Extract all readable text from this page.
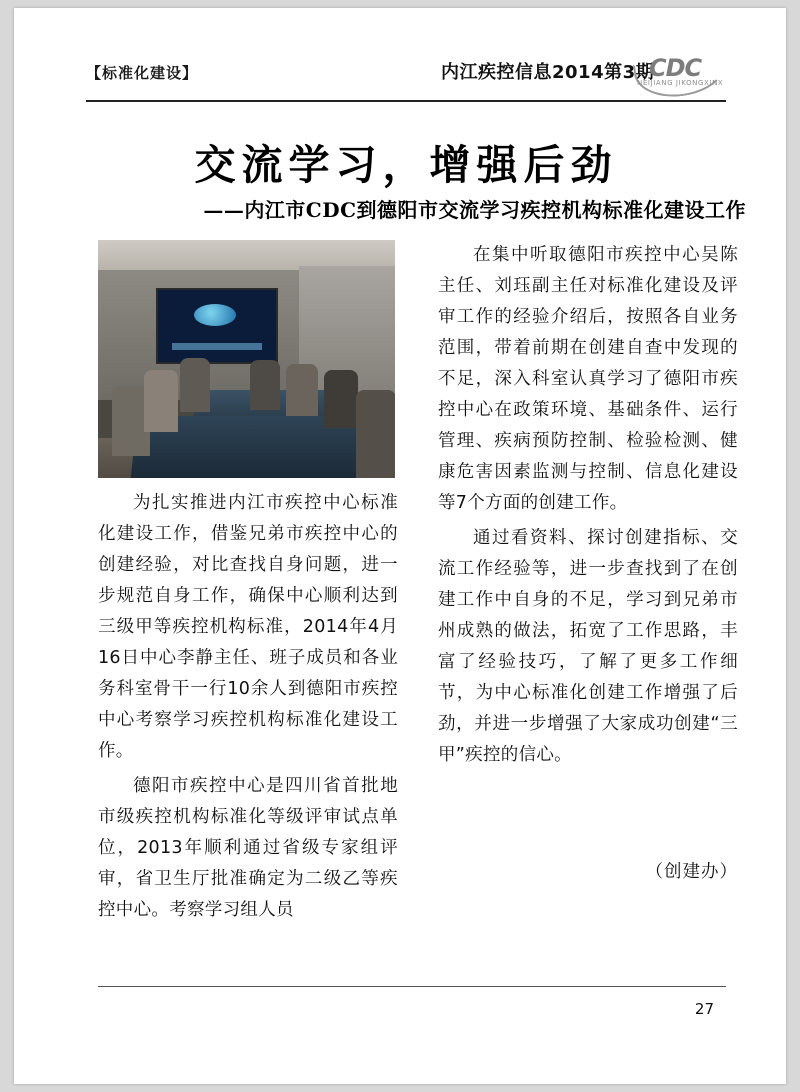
【标准化建设】	内江疾控信息2014第3期
CDC
NEIJIANG JIKONGXINX
交流学习，增强后劲
——内江市CDC到德阳市交流学习疾控机构标准化建设工作

为扎实推进内江市疾控中心标准化建设工作，借鉴兄弟市疾控中心的创建经验，对比查找自身问题，进一步规范自身工作，确保中心顺利达到三级甲等疾控机构标准，2014年4月16日中心李静主任、班子成员和各业务科室骨干一行10余人到德阳市疾控中心考察学习疾控机构标准化建设工作。

德阳市疾控中心是四川省首批地市级疾控机构标准化等级评审试点单位，2013年顺利通过省级专家组评审，省卫生厅批准确定为二级乙等疾控中心。考察学习组人员

在集中听取德阳市疾控中心吴陈主任、刘珏副主任对标准化建设及评审工作的经验介绍后，按照各自业务范围，带着前期在创建自查中发现的不足，深入科室认真学习了德阳市疾控中心在政策环境、基础条件、运行管理、疾病预防控制、检验检测、健康危害因素监测与控制、信息化建设等7个方面的创建工作。

通过看资料、探讨创建指标、交流工作经验等，进一步查找到了在创建工作中自身的不足，学习到兄弟市州成熟的做法，拓宽了工作思路，丰富了经验技巧，了解了更多工作细节，为中心标准化创建工作增强了后劲，并进一步增强了大家成功创建“三甲”疾控的信心。

（创建办）
27
